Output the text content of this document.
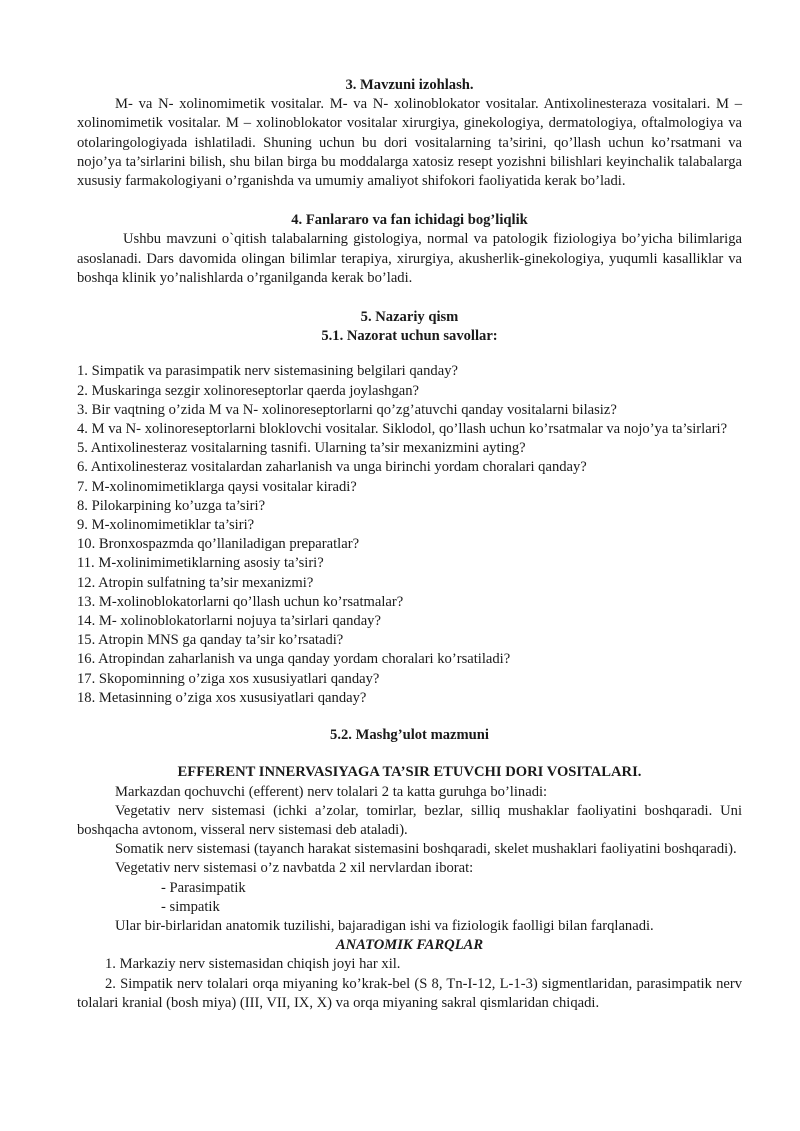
3. Mavzuni izohlash.

M- va N- xolinomimetik vositalar. M- va N- xolinoblokator vositalar. Antixolinesteraza vositalari. M – xolinomimetik vositalar. M – xolinoblokator vositalar xirurgiya, ginekologiya, dermatologiya, oftalmologiya va otolaringologiyada ishlatiladi. Shuning uchun bu dori vositalarning ta’sirini, qo’llash uchun ko’rsatmani va nojo’ya ta’sirlarini bilish, shu bilan birga bu moddalarga xatosiz resept yozishni bilishlari keyinchalik talabalarga xususiy farmakologiyani o’rganishda va umumiy amaliyot shifokori faoliyatida kerak bo’ladi.

4. Fanlararo va fan ichidagi bog’liqlik

Ushbu mavzuni o`qitish talabalarning gistologiya, normal va patologik fiziologiya bo’yicha bilimlariga asoslanadi. Dars davomida olingan bilimlar terapiya, xirurgiya, akusherlik-ginekologiya, yuqumli kasalliklar va boshqa klinik yo’nalishlarda o’rganilganda kerak bo’ladi.

5. Nazariy qism

5.1. Nazorat uchun savollar:

1. Simpatik va parasimpatik nerv sistemasining belgilari qanday?
2. Muskaringa sezgir xolinoreseptorlar qaerda joylashgan?
3. Bir vaqtning o’zida M va N- xolinoreseptorlarni qo’zg’atuvchi qanday vositalarni bilasiz?
4. M va N- xolinoreseptorlarni bloklovchi vositalar. Siklodol, qo’llash uchun ko’rsatmalar va nojo’ya ta’sirlari?
5. Antixolinesteraz vositalarning tasnifi. Ularning ta’sir mexanizmini ayting?
6. Antixolinesteraz vositalardan zaharlanish va unga birinchi yordam choralari qanday?
7. M-xolinomimetiklarga qaysi vositalar kiradi?
8. Pilokarpining ko’uzga ta’siri?
9. M-xolinomimetiklar ta’siri?
10. Bronxospazmda qo’llaniladigan preparatlar?
11. M-xolinimimetiklarning asosiy ta’siri?
12. Atropin sulfatning ta’sir mexanizmi?
13. M-xolinoblokatorlarni qo’llash uchun ko’rsatmalar?
14. M- xolinoblokatorlarni nojuya ta’sirlari qanday?
15. Atropin MNS ga qanday ta’sir ko’rsatadi?
16. Atropindan zaharlanish va unga qanday yordam choralari ko’rsatiladi?
17. Skopominning o’ziga xos xususiyatlari qanday?
18. Metasinning o’ziga xos xususiyatlari qanday?

5.2. Mashg’ulot mazmuni

EFFERENT INNERVASIYAGA TA’SIR ETUVCHI DORI VOSITALARI.

Markazdan qochuvchi (efferent) nerv tolalari 2 ta katta guruhga bo’linadi:

Vegetativ nerv sistemasi (ichki a’zolar, tomirlar, bezlar, silliq mushaklar faoliyatini boshqaradi. Uni boshqacha avtonom, visseral nerv sistemasi deb ataladi).

Somatik nerv sistemasi (tayanch harakat sistemasini boshqaradi, skelet mushaklari faoliyatini boshqaradi).

Vegetativ nerv sistemasi o’z navbatda 2 xil nervlardan iborat:

- Parasimpatik

- simpatik

Ular bir-birlaridan anatomik tuzilishi, bajaradigan ishi va fiziologik faolligi bilan farqlanadi.

ANATOMIK FARQLAR

1. Markaziy nerv sistemasidan chiqish joyi har xil.

2. Simpatik nerv tolalari orqa miyaning ko’krak-bel (S 8, Tn-I-12, L-1-3) sigmentlaridan, parasimpatik nerv tolalari kranial (bosh miya) (III, VII, IX, X) va orqa miyaning sakral qismlaridan chiqadi.
